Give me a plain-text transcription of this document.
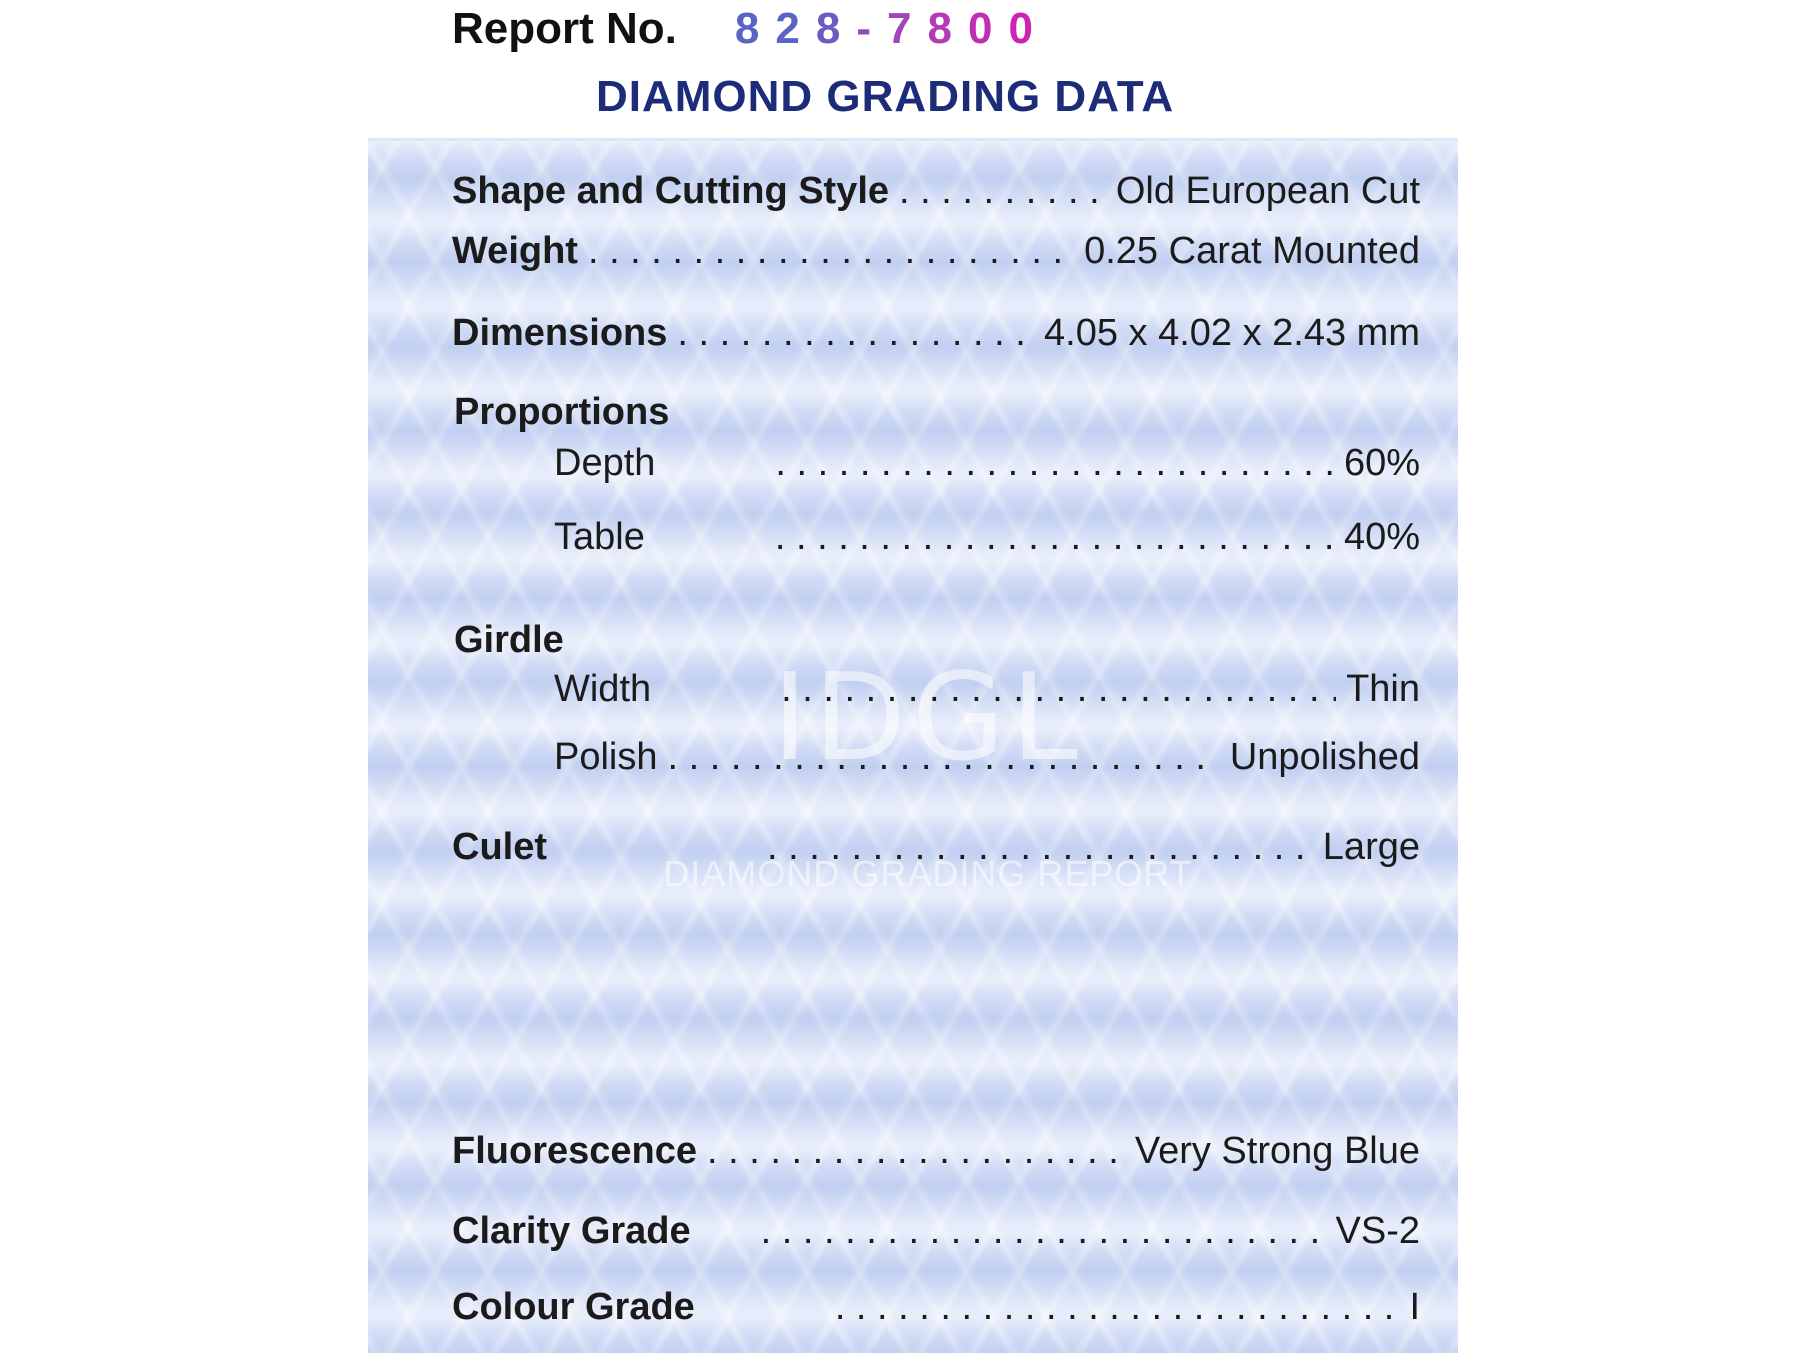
Report No. 828-7800
DIAMOND GRADING DATA
IDGL
DIAMOND GRADING REPORT
Shape and Cutting Style . . .	Old European Cut
Weight . . .	0.25 Carat Mounted
Dimensions . . .	4.05 x 4.02 x 2.43 mm
Proportions
Depth . . .	60%
Table . . .	40%
Girdle
Width . . .	Thin
Polish . . .	Unpolished
Culet . . .	Large
Fluorescence . . .	Very Strong Blue
Clarity Grade . . .	VS-2
Colour Grade . . .	I
